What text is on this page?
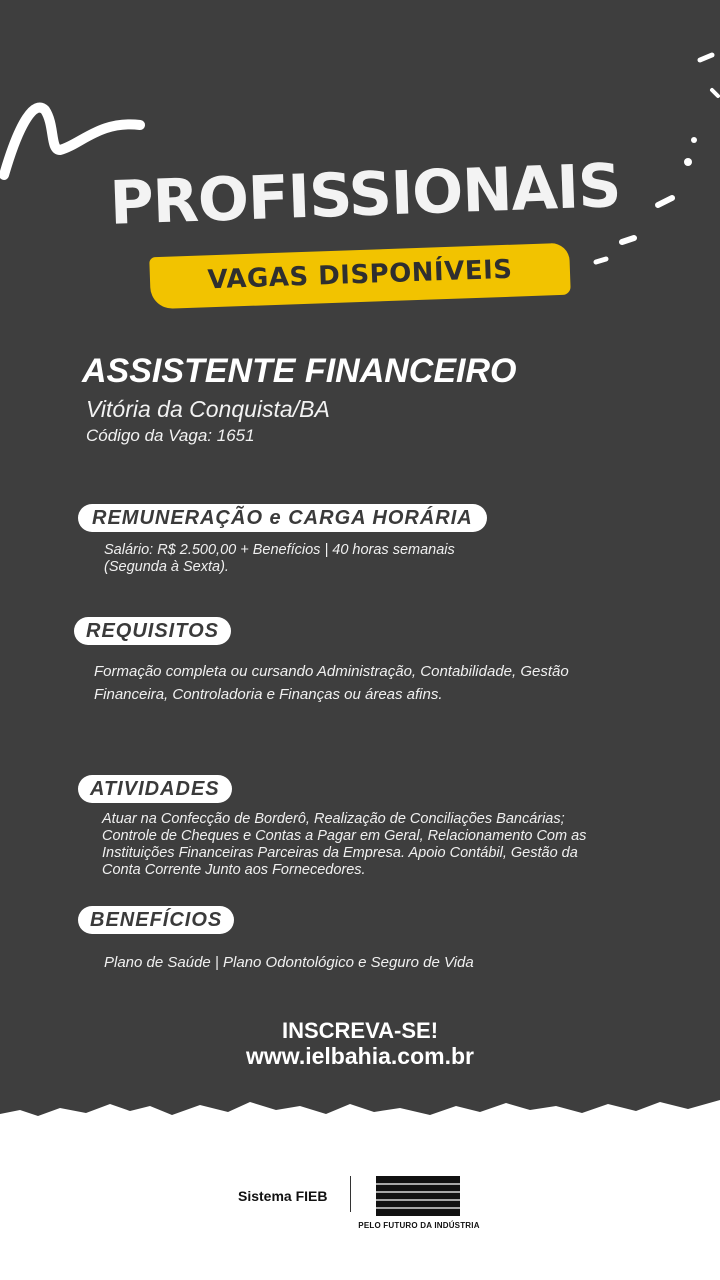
PROFISSIONAIS
VAGAS DISPONÍVEIS
ASSISTENTE FINANCEIRO
Vitória da Conquista/BA
Código da Vaga: 1651
REMUNERAÇÃO e CARGA HORÁRIA
Salário: R$ 2.500,00 + Benefícios | 40 horas semanais
(Segunda à Sexta).
REQUISITOS
Formação completa ou cursando Administração, Contabilidade, Gestão
Financeira, Controladoria e Finanças ou áreas afins.
ATIVIDADES
Atuar na Confecção de Borderô, Realização de Conciliações Bancárias;
Controle de Cheques e Contas a Pagar em Geral, Relacionamento Com as
Instituições Financeiras Parceiras da Empresa. Apoio Contábil, Gestão da
Conta Corrente Junto aos Fornecedores.
BENEFÍCIOS
Plano de Saúde | Plano Odontológico e Seguro de Vida
INSCREVA-SE!
www.ielbahia.com.br
Sistema FIEB
PELO FUTURO DA INDÚSTRIA
